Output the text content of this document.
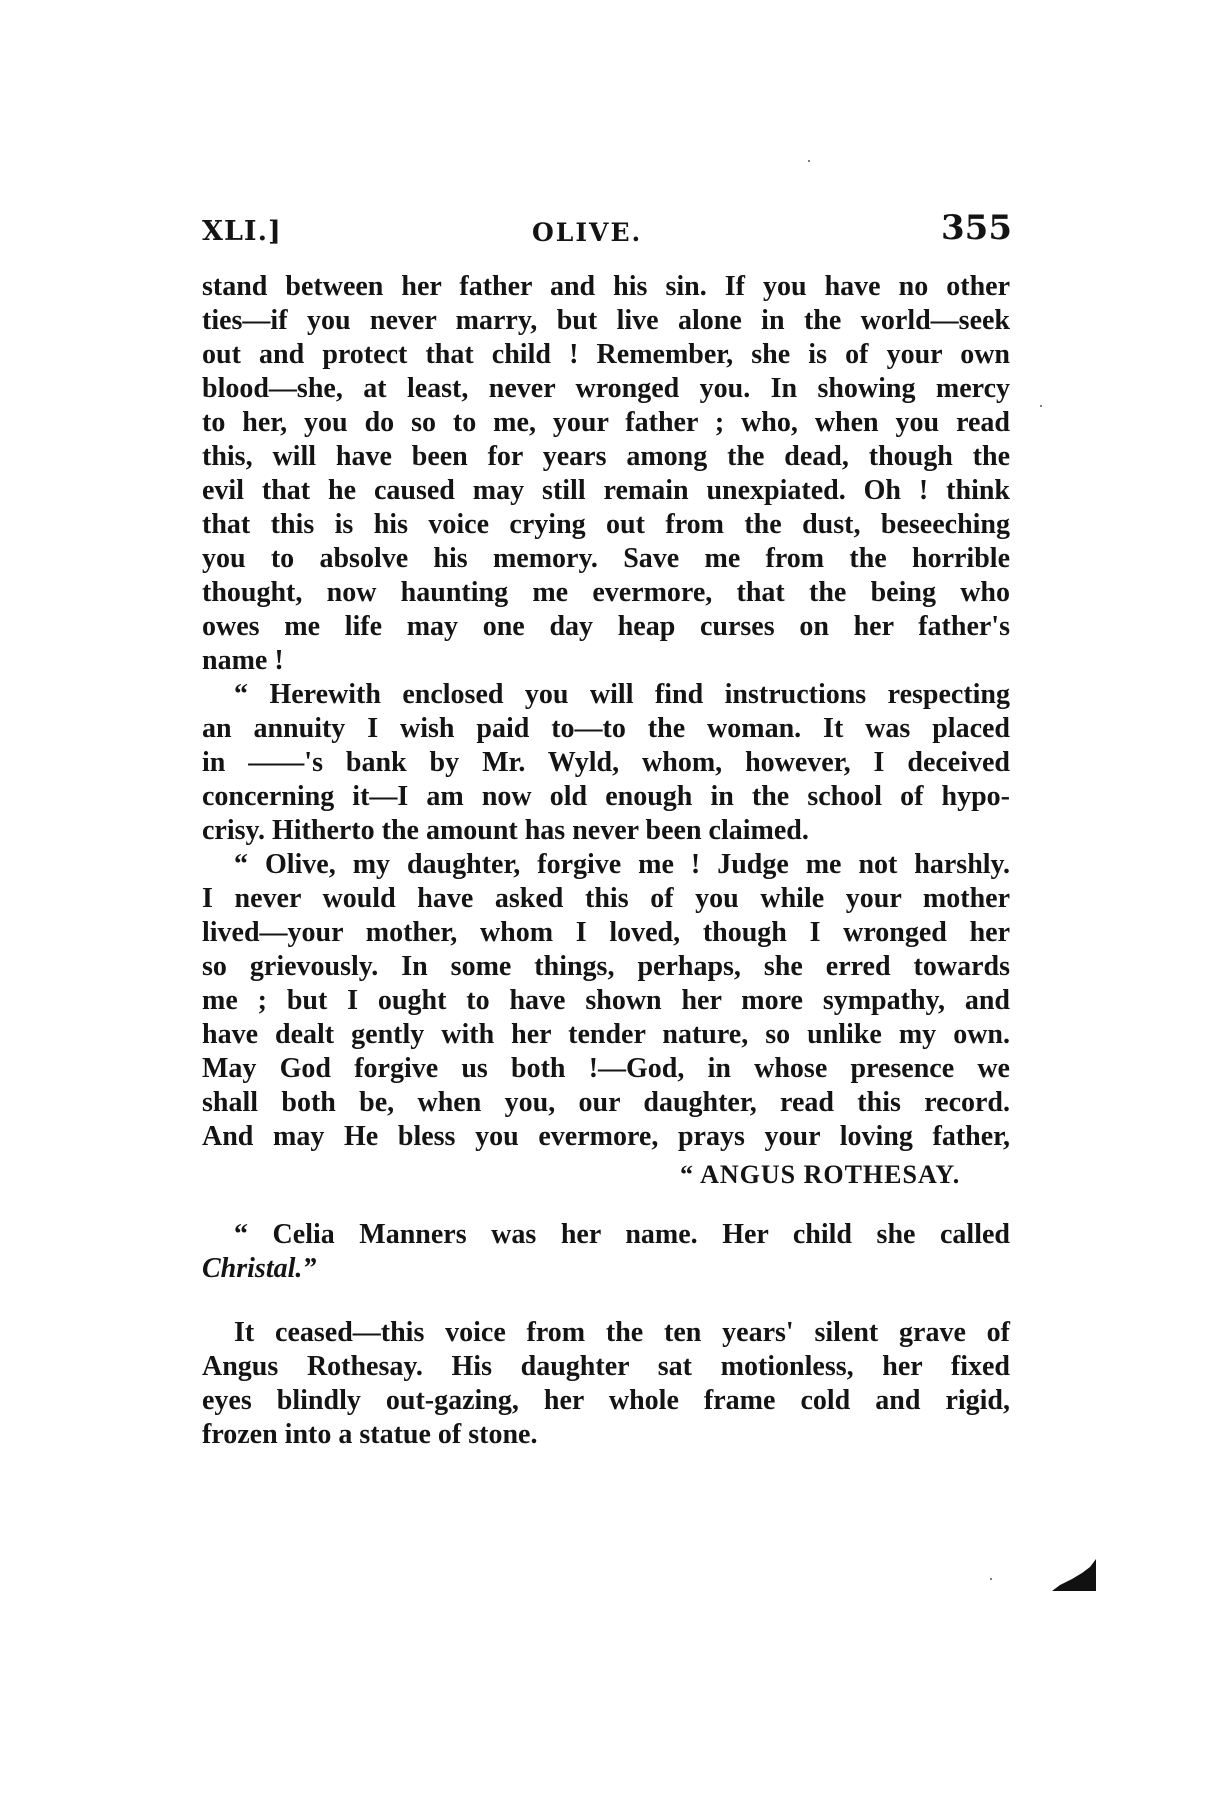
XLI.]	OLIVE.	355
stand between her father and his sin. If you have no other
ties—if you never marry, but live alone in the world—seek
out and protect that child ! Remember, she is of your own
blood—she, at least, never wronged you. In showing mercy
to her, you do so to me, your father ; who, when you read
this, will have been for years among the dead, though the
evil that he caused may still remain unexpiated. Oh ! think
that this is his voice crying out from the dust, beseeching
you to absolve his memory. Save me from the horrible
thought, now haunting me evermore, that the being who
owes me life may one day heap curses on her father's
name !
“ Herewith enclosed you will find instructions respecting
an annuity I wish paid to—to the woman. It was placed
in ——'s bank by Mr. Wyld, whom, however, I deceived
concerning it—I am now old enough in the school of hypo-
crisy. Hitherto the amount has never been claimed.
“ Olive, my daughter, forgive me ! Judge me not harshly.
I never would have asked this of you while your mother
lived—your mother, whom I loved, though I wronged her
so grievously. In some things, perhaps, she erred towards
me ; but I ought to have shown her more sympathy, and
have dealt gently with her tender nature, so unlike my own.
May God forgive us both !—God, in whose presence we
shall both be, when you, our daughter, read this record.
And may He bless you evermore, prays your loving father,
“ ANGUS ROTHESAY.
“ Celia Manners was her name. Her child she called
Christal.”
It ceased—this voice from the ten years' silent grave of
Angus Rothesay. His daughter sat motionless, her fixed
eyes blindly out-gazing, her whole frame cold and rigid,
frozen into a statue of stone.
